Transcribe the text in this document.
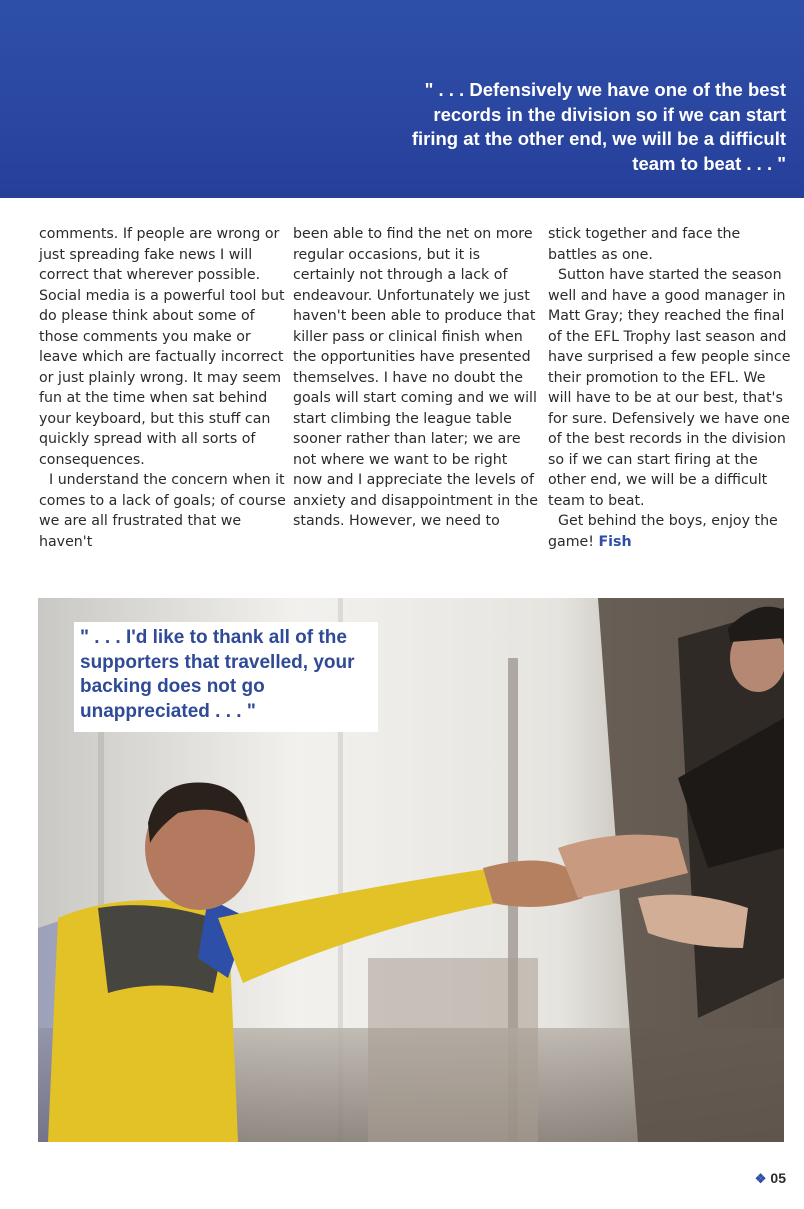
" . . . Defensively we have one of the best records in the division so if we can start firing at the other end, we will be a difficult team to beat . . . "

comments. If people are wrong or just spreading fake news I will correct that wherever possible. Social media is a powerful tool but do please think about some of those comments you make or leave which are factually incorrect or just plainly wrong. It may seem fun at the time when sat behind your keyboard, but this stuff can quickly spread with all sorts of consequences.

I understand the concern when it comes to a lack of goals; of course we are all frustrated that we haven't

been able to find the net on more regular occasions, but it is certainly not through a lack of endeavour. Unfortunately we just haven't been able to produce that killer pass or clinical finish when the opportunities have presented themselves. I have no doubt the goals will start coming and we will start climbing the league table sooner rather than later; we are not where we want to be right now and I appreciate the levels of anxiety and disappointment in the stands. However, we need to

stick together and face the battles as one.

Sutton have started the season well and have a good manager in Matt Gray; they reached the final of the EFL Trophy last season and have surprised a few people since their promotion to the EFL. We will have to be at our best, that's for sure. Defensively we have one of the best records in the division so if we can start firing at the other end, we will be a difficult team to beat.

Get behind the boys, enjoy the game! Fish

" . . . I'd like to thank all of the supporters that travelled, your backing does not go unappreciated . . . "
❖ 05
